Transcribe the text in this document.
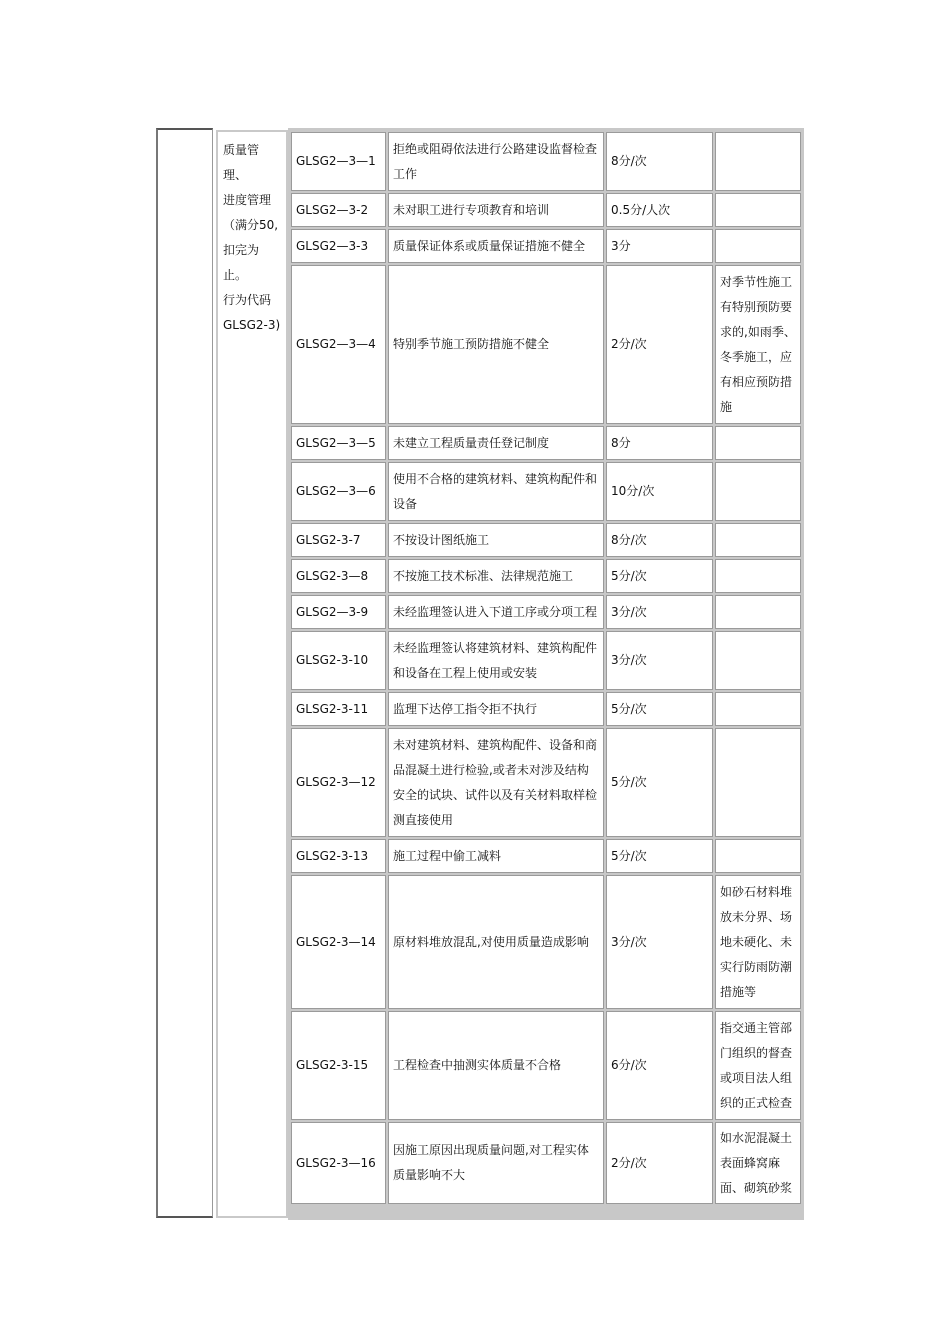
质量管理、
进度管理
（满分50,
扣完为止。
行为代码
GLSG2-3)
GLSG2—3—1	拒绝或阻碍依法进行公路建设监督检查工作	8分/次	
GLSG2—3-2	未对职工进行专项教育和培训	0.5分/人次	
GLSG2—3-3	质量保证体系或质量保证措施不健全	3分	
GLSG2—3—4	特别季节施工预防措施不健全	2分/次	对季节性施工有特别预防要求的,如雨季、冬季施工，应有相应预防措施
GLSG2—3—5	未建立工程质量责任登记制度	8分	
GLSG2—3—6	使用不合格的建筑材料、建筑构配件和设备	10分/次	
GLSG2-3-7	不按设计图纸施工	8分/次	
GLSG2-3—8	不按施工技术标准、法律规范施工	5分/次	
GLSG2—3-9	未经监理签认进入下道工序或分项工程	3分/次	
GLSG2-3-10	未经监理签认将建筑材料、建筑构配件和设备在工程上使用或安装	3分/次	
GLSG2-3-11	监理下达停工指令拒不执行	5分/次	
GLSG2-3—12	未对建筑材料、建筑构配件、设备和商品混凝土进行检验,或者未对涉及结构安全的试块、试件以及有关材料取样检测直接使用	5分/次	
GLSG2-3-13	施工过程中偷工减料	5分/次	
GLSG2-3—14	原材料堆放混乱,对使用质量造成影响	3分/次	如砂石材料堆放未分界、场地未硬化、未实行防雨防潮措施等
GLSG2-3-15	工程检查中抽测实体质量不合格	6分/次	指交通主管部门组织的督查或项目法人组织的正式检查
GLSG2-3—16	因施工原因出现质量问题,对工程实体质量影响不大	2分/次	如水泥混凝土表面蜂窝麻面、砌筑砂浆
